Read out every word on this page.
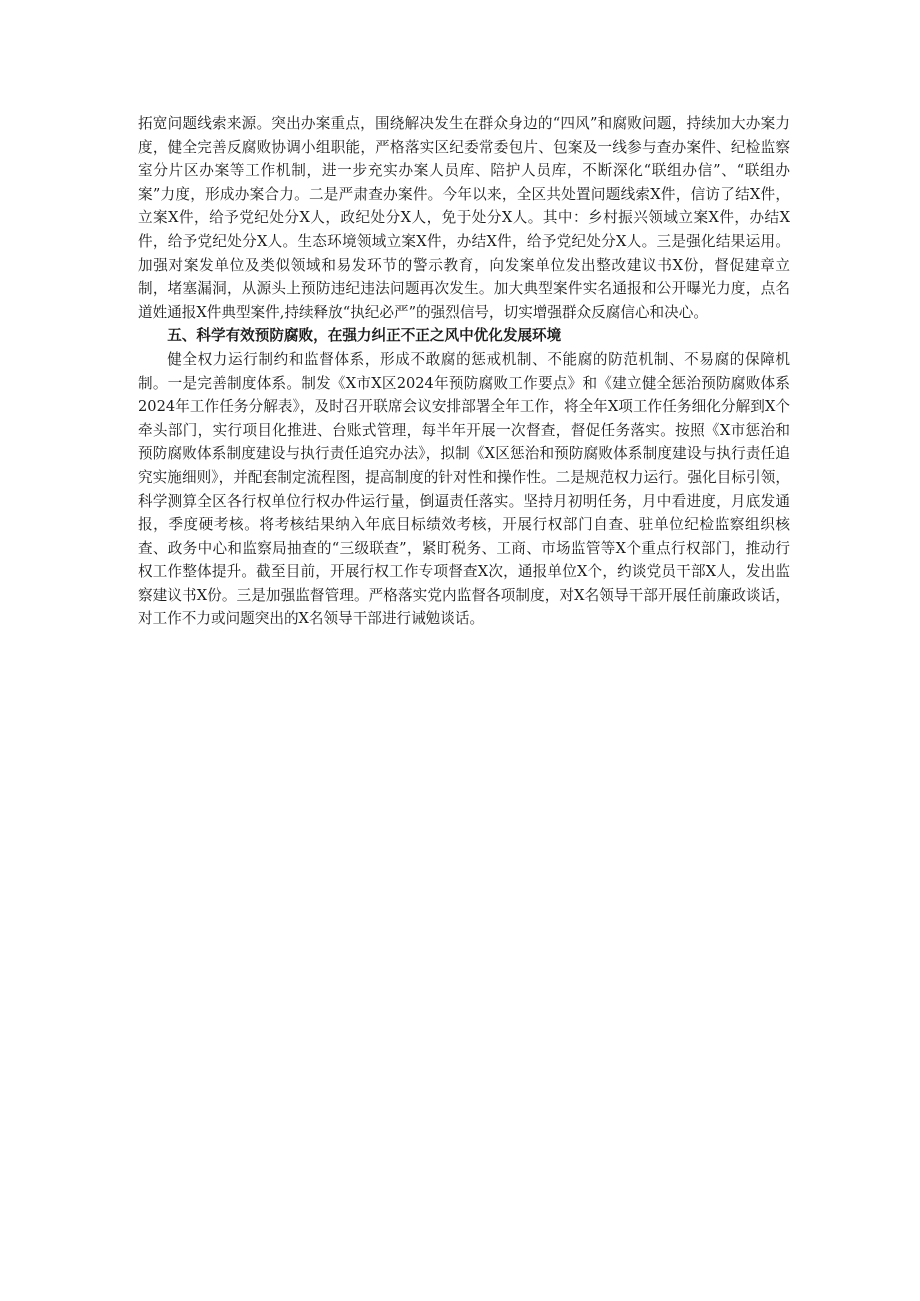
拓宽问题线索来源。突出办案重点，围绕解决发生在群众身边的“四风”和腐败问题，持续加大办案力度，健全完善反腐败协调小组职能，严格落实区纪委常委包片、包案及一线参与查办案件、纪检监察室分片区办案等工作机制，进一步充实办案人员库、陪护人员库，不断深化“联组办信”、“联组办案”力度，形成办案合力。二是严肃查办案件。今年以来，全区共处置问题线索X件，信访了结X件，立案X件，给予党纪处分X人，政纪处分X人，免于处分X人。其中：乡村振兴领域立案X件，办结X件，给予党纪处分X人。生态环境领域立案X件，办结X件，给予党纪处分X人。三是强化结果运用。加强对案发单位及类似领域和易发环节的警示教育，向发案单位发出整改建议书X份，督促建章立制，堵塞漏洞，从源头上预防违纪违法问题再次发生。加大典型案件实名通报和公开曝光力度，点名道姓通报X件典型案件,持续释放“执纪必严”的强烈信号，切实增强群众反腐信心和决心。

五、科学有效预防腐败，在强力纠正不正之风中优化发展环境

健全权力运行制约和监督体系，形成不敢腐的惩戒机制、不能腐的防范机制、不易腐的保障机制。一是完善制度体系。制发《X市X区2024年预防腐败工作要点》和《建立健全惩治预防腐败体系2024年工作任务分解表》，及时召开联席会议安排部署全年工作，将全年X项工作任务细化分解到X个牵头部门，实行项目化推进、台账式管理，每半年开展一次督查，督促任务落实。按照《X市惩治和预防腐败体系制度建设与执行责任追究办法》，拟制《X区惩治和预防腐败体系制度建设与执行责任追究实施细则》，并配套制定流程图，提高制度的针对性和操作性。二是规范权力运行。强化目标引领，科学测算全区各行权单位行权办件运行量，倒逼责任落实。坚持月初明任务，月中看进度，月底发通报，季度硬考核。将考核结果纳入年底目标绩效考核，开展行权部门自查、驻单位纪检监察组织核查、政务中心和监察局抽查的“三级联查”，紧盯税务、工商、市场监管等X个重点行权部门，推动行权工作整体提升。截至目前，开展行权工作专项督查X次，通报单位X个，约谈党员干部X人，发出监察建议书X份。三是加强监督管理。严格落实党内监督各项制度，对X名领导干部开展任前廉政谈话，对工作不力或问题突出的X名领导干部进行诫勉谈话。
